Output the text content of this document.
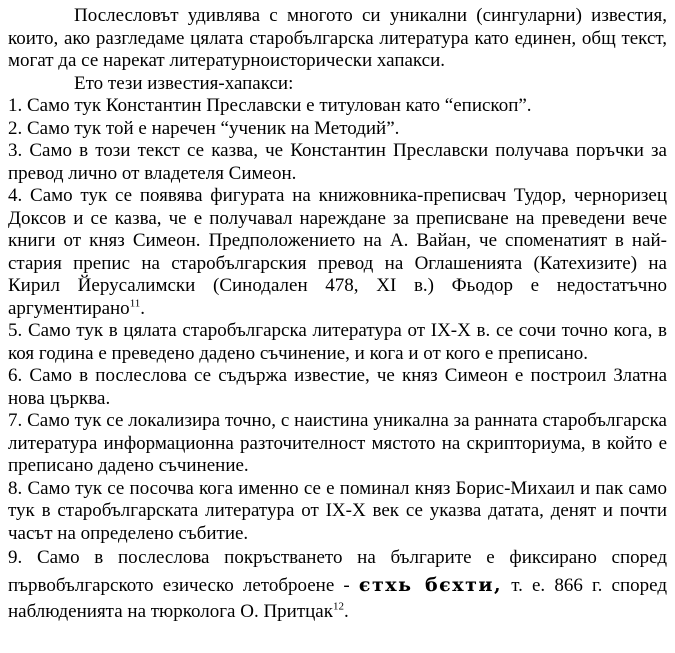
Послесловът удивлява с многото си уникални (сингуларни) известия, които, ако разгледаме цялата старобългарска литература като единен, общ текст, могат да се нарекат литературноисторически хапакси.

Ето тези известия-хапакси:

1. Само тук Константин Преславски е титулован като “епископ”.

2. Само тук той е наречен “ученик на Методий”.

3. Само в този текст се казва, че Константин Преславски получава поръчки за превод лично от владетеля Симеон.

4. Само тук се появява фигурата на книжовника-преписвач Тудор, черноризец Доксов и се казва, че е получавал нареждане за преписване на преведени вече книги от княз Симеон. Предположението на А. Вайан, че споменатият в най-стария препис на старобългарския превод на Оглашенията (Катехизите) на Кирил Йерусалимски (Синодален 478, XI в.) Фьодор е недостатъчно аргументирано$^{11}$.

5. Само тук в цялата старобългарска литература от IX-X в. се сочи точно кога, в коя година е преведено дадено съчинение, и кога и от кого е преписано.

6. Само в послеслова се съдържа известие, че княз Симеон е построил Златна нова църква.

7. Само тук се локализира точно, с наистина уникална за ранната старобългарска литература информационна разточителност мястото на скрипториума, в който е преписано дадено съчинение.

8. Само тук се посочва кога именно се е поминал княз Борис-Михаил и пак само тук в старобългарската литература от IX-X век се указва датата, денят и почти часът на определено събитие.

9. Само в послеслова покръстването на българите е фиксирано според първобългарското езическо летоброене - єтхь бєхти, т. е. 866 г. според наблюденията на тюрколога О. Притцак$^{12}$.
